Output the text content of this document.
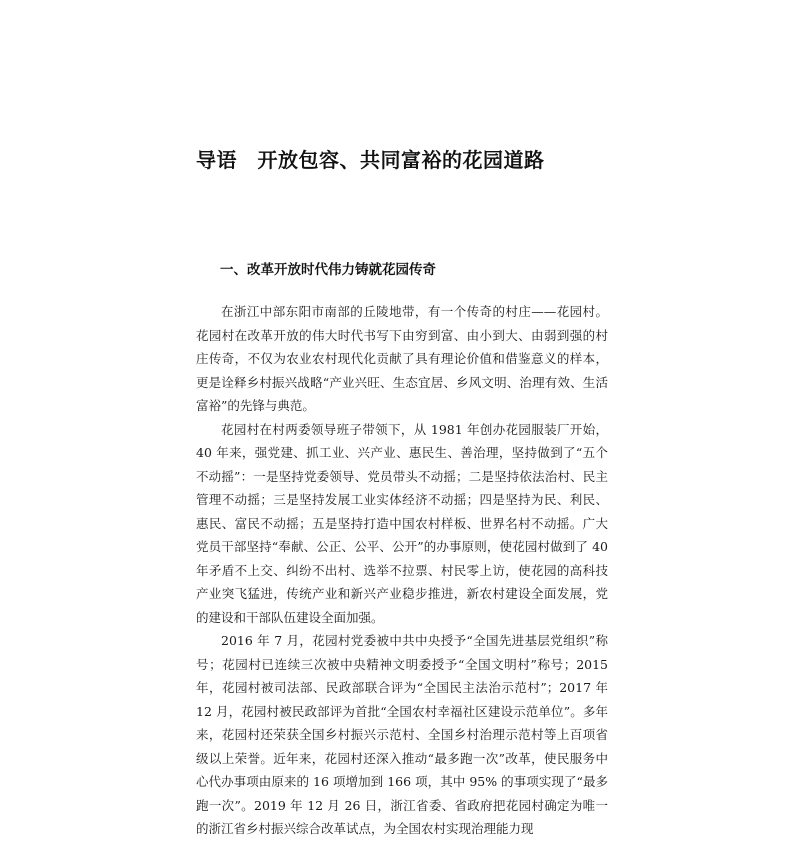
导语　开放包容、共同富裕的花园道路
一、改革开放时代伟力铸就花园传奇

在浙江中部东阳市南部的丘陵地带，有一个传奇的村庄——花园村。花园村在改革开放的伟大时代书写下由穷到富、由小到大、由弱到强的村庄传奇，不仅为农业农村现代化贡献了具有理论价值和借鉴意义的样本，更是诠释乡村振兴战略“产业兴旺、生态宜居、乡风文明、治理有效、生活富裕”的先锋与典范。

花园村在村两委领导班子带领下，从 1981 年创办花园服装厂开始，40 年来，强党建、抓工业、兴产业、惠民生、善治理，坚持做到了“五个不动摇”：一是坚持党委领导、党员带头不动摇；二是坚持依法治村、民主管理不动摇；三是坚持发展工业实体经济不动摇；四是坚持为民、利民、惠民、富民不动摇；五是坚持打造中国农村样板、世界名村不动摇。广大党员干部坚持“奉献、公正、公平、公开”的办事原则，使花园村做到了 40 年矛盾不上交、纠纷不出村、选举不拉票、村民零上访，使花园的高科技产业突飞猛进，传统产业和新兴产业稳步推进，新农村建设全面发展，党的建设和干部队伍建设全面加强。

2016 年 7 月，花园村党委被中共中央授予“全国先进基层党组织”称号；花园村已连续三次被中央精神文明委授予“全国文明村”称号；2015 年，花园村被司法部、民政部联合评为“全国民主法治示范村”；2017 年 12 月，花园村被民政部评为首批“全国农村幸福社区建设示范单位”。多年来，花园村还荣获全国乡村振兴示范村、全国乡村治理示范村等上百项省级以上荣誉。近年来，花园村还深入推动“最多跑一次”改革，使民服务中心代办事项由原来的 16 项增加到 166 项，其中 95% 的事项实现了“最多跑一次”。2019 年 12 月 26 日，浙江省委、省政府把花园村确定为唯一的浙江省乡村振兴综合改革试点，为全国农村实现治理能力现
